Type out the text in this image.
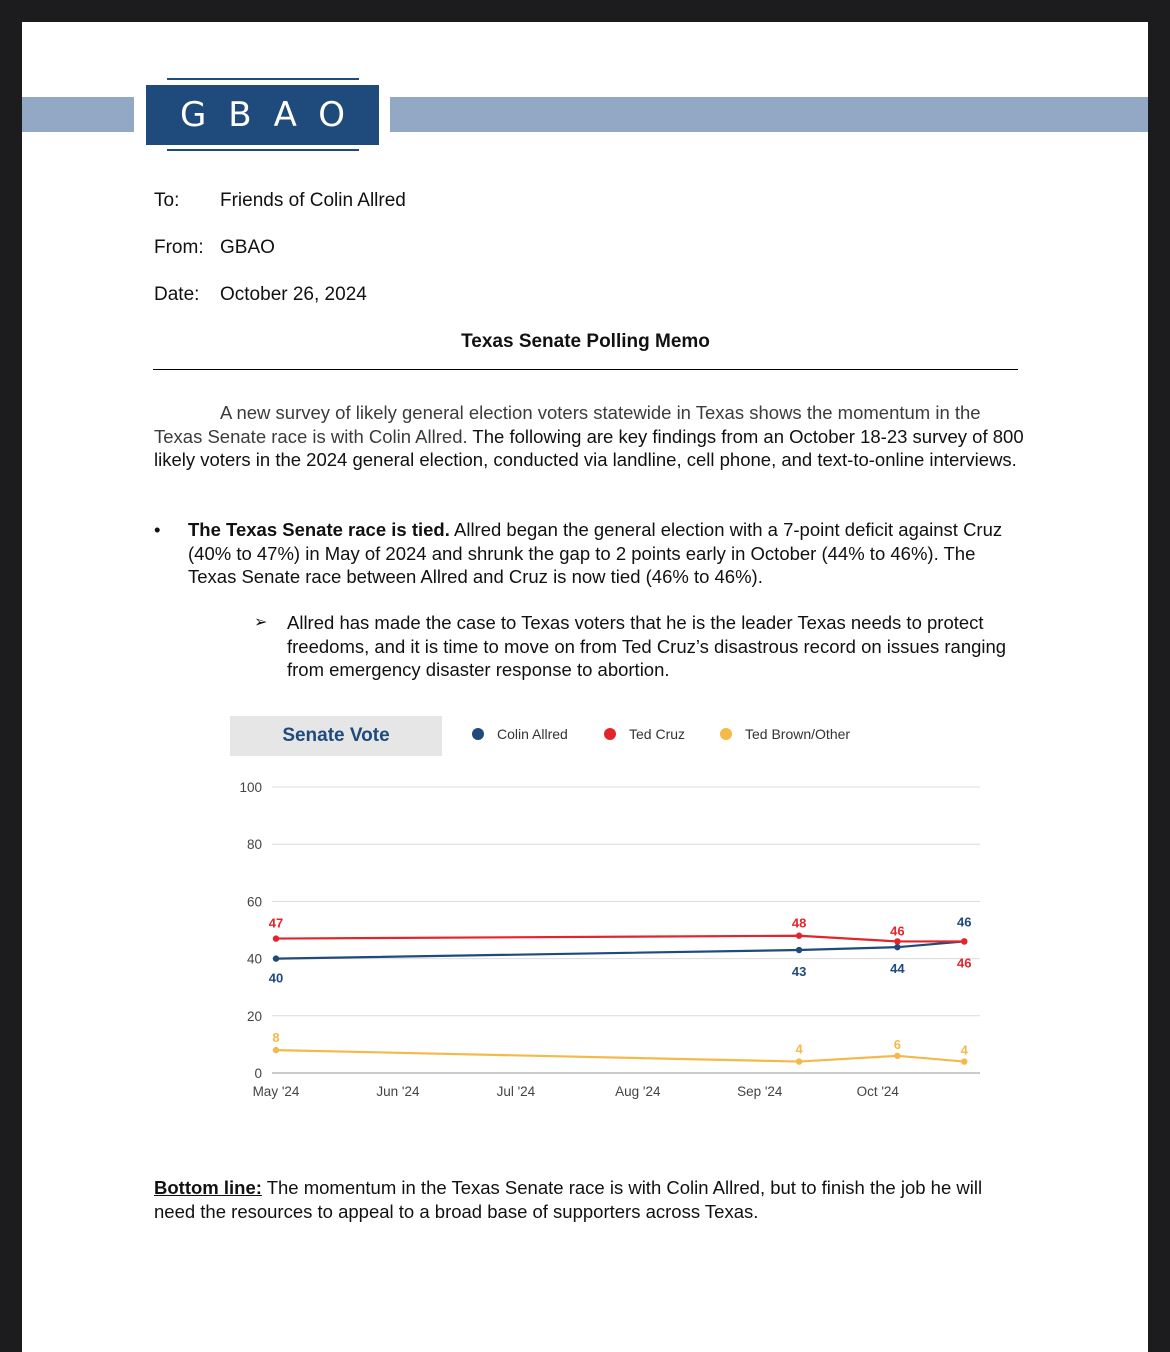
GBAO
To: Friends of Colin Allred
From: GBAO
Date: October 26, 2024
Texas Senate Polling Memo
A new survey of likely general election voters statewide in Texas shows the momentum in the Texas Senate race is with Colin Allred. The following are key findings from an October 18-23 survey of 800 likely voters in the 2024 general election, conducted via landline, cell phone, and text-to-online interviews.
• The Texas Senate race is tied. Allred began the general election with a 7-point deficit against Cruz (40% to 47%) in May of 2024 and shrunk the gap to 2 points early in October (44% to 46%). The Texas Senate race between Allred and Cruz is now tied (46% to 46%).
➢ Allred has made the case to Texas voters that he is the leader Texas needs to protect freedoms, and it is time to move on from Ted Cruz’s disastrous record on issues ranging from emergency disaster response to abortion.
Senate Vote	Colin Allred	Ted Cruz	Ted Brown/Other
0
20
40
60
80
100
May '24	Jun '24	Jul '24	Aug '24	Sep '24	Oct '24
40	43	44
46
47	48
46
46
8
4	6	4
Bottom line: The momentum in the Texas Senate race is with Colin Allred, but to finish the job he will need the resources to appeal to a broad base of supporters across Texas.
